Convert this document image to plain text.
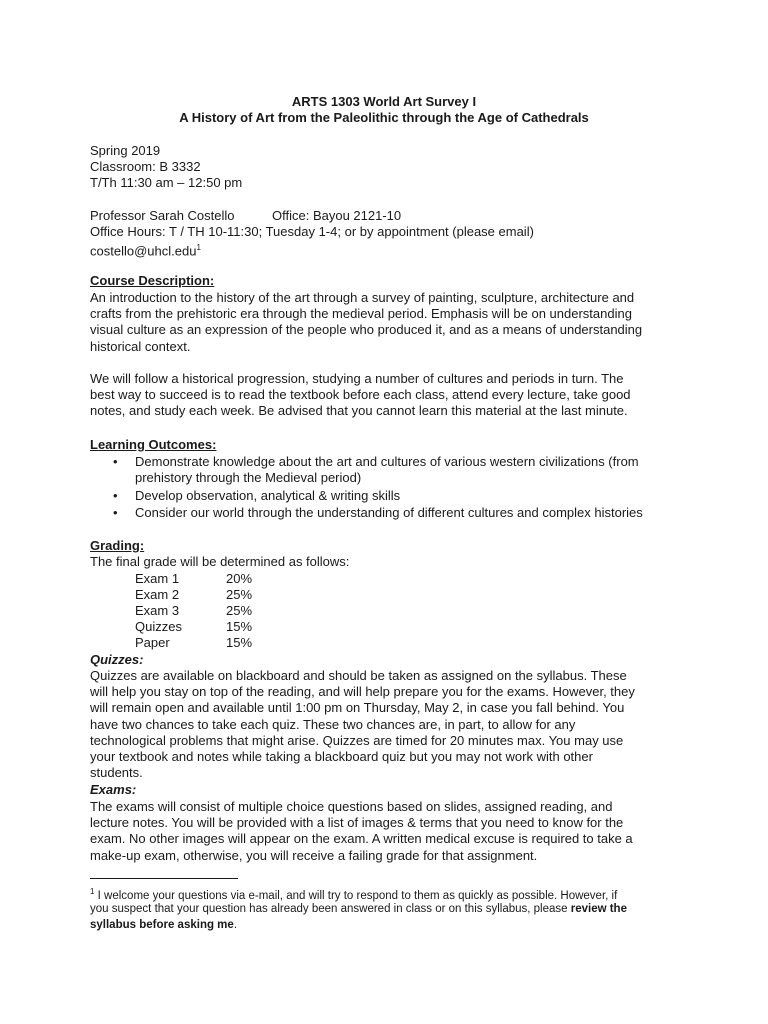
ARTS 1303 World Art Survey I
A History of Art from the Paleolithic through the Age of Cathedrals
Spring 2019
Classroom: B 3332
T/Th 11:30 am – 12:50 pm
Professor Sarah Costello	Office: Bayou 2121-10
Office Hours: T / TH 10-11:30; Tuesday 1-4; or by appointment (please email)
costello@uhcl.edu$^1$
Course Description:
An introduction to the history of the art through a survey of painting, sculpture, architecture and
crafts from the prehistoric era through the medieval period. Emphasis will be on understanding
visual culture as an expression of the people who produced it, and as a means of understanding
historical context.
We will follow a historical progression, studying a number of cultures and periods in turn. The
best way to succeed is to read the textbook before each class, attend every lecture, take good
notes, and study each week. Be advised that you cannot learn this material at the last minute.
Learning Outcomes:
• Demonstrate knowledge about the art and cultures of various western civilizations (from
prehistory through the Medieval period)
• Develop observation, analytical & writing skills
• Consider our world through the understanding of different cultures and complex histories
Grading:
The final grade will be determined as follows:
Exam 1	20%
Exam 2	25%
Exam 3	25%
Quizzes	15%
Paper	15%
Quizzes:
Quizzes are available on blackboard and should be taken as assigned on the syllabus. These
will help you stay on top of the reading, and will help prepare you for the exams. However, they
will remain open and available until 1:00 pm on Thursday, May 2, in case you fall behind. You
have two chances to take each quiz. These two chances are, in part, to allow for any
technological problems that might arise. Quizzes are timed for 20 minutes max. You may use
your textbook and notes while taking a blackboard quiz but you may not work with other
students.
Exams:
The exams will consist of multiple choice questions based on slides, assigned reading, and
lecture notes. You will be provided with a list of images & terms that you need to know for the
exam. No other images will appear on the exam. A written medical excuse is required to take a
make-up exam, otherwise, you will receive a failing grade for that assignment.
$^1$ I welcome your questions via e-mail, and will try to respond to them as quickly as possible. However, if
you suspect that your question has already been answered in class or on this syllabus, please review the
syllabus before asking me.
